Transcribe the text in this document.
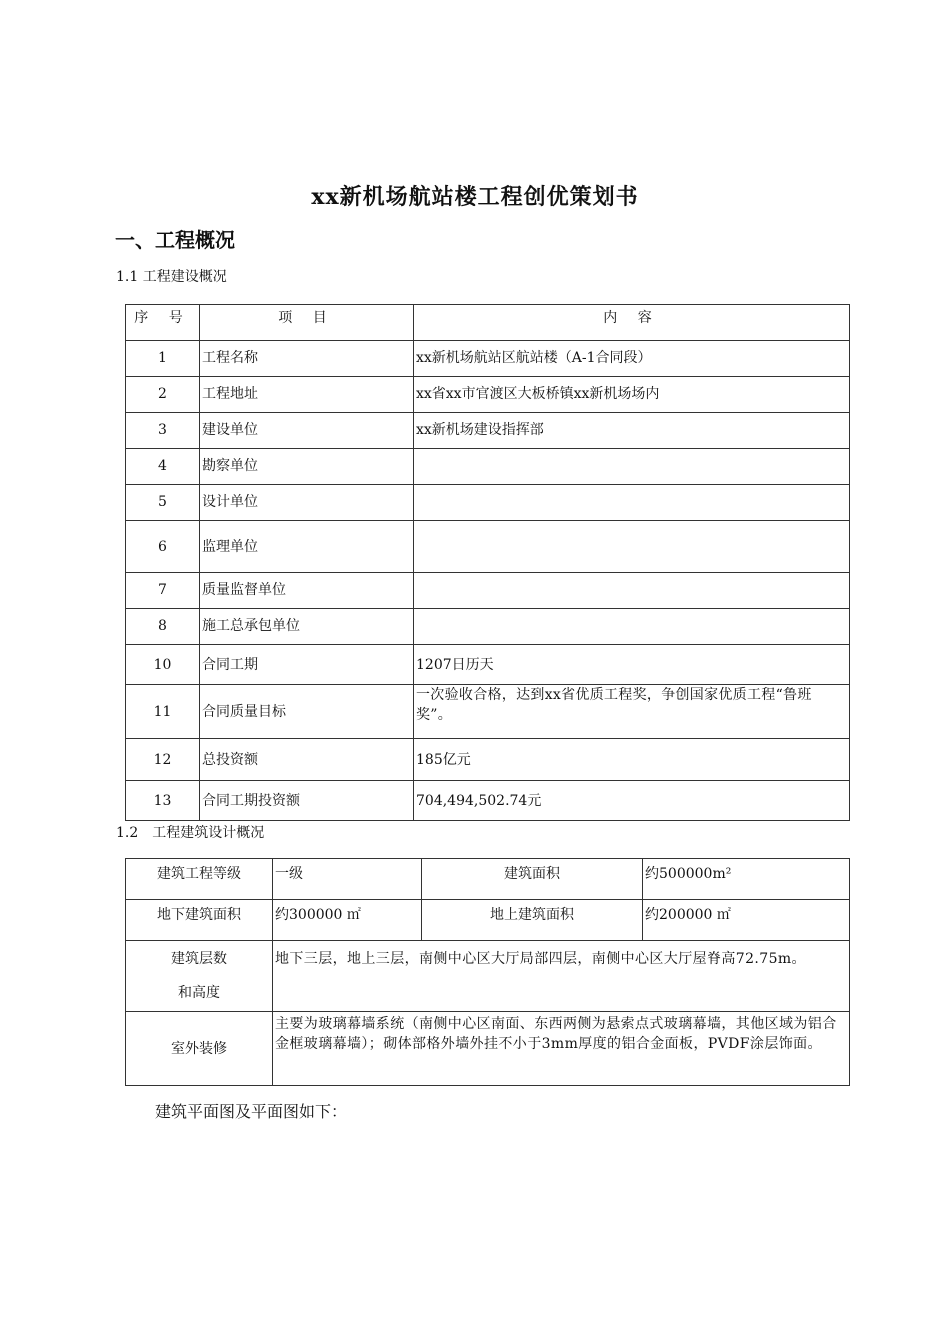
xx新机场航站楼工程创优策划书
一、工程概况
1.1 工程建设概况
序 号	项 目	内 容
1	工程名称	xx新机场航站区航站楼（A-1合同段）
2	工程地址	xx省xx市官渡区大板桥镇xx新机场场内
3	建设单位	xx新机场建设指挥部
4	勘察单位	
5	设计单位	
6	监理单位	
7	质量监督单位	
8	施工总承包单位	
10	合同工期	1207日历天
11	合同质量目标	一次验收合格，达到xx省优质工程奖，争创国家优质工程“鲁班奖”。
12	总投资额	185亿元
13	合同工期投资额	704,494,502.74元
1.2　工程建筑设计概况
建筑工程等级	一级	建筑面积	约500000m²
地下建筑面积	约300000 ㎡	地上建筑面积	约200000 ㎡

建筑层数
和高度	地下三层，地上三层，南侧中心区大厅局部四层，南侧中心区大厅屋脊高72.75m。		
室外装修	主要为玻璃幕墙系统（南侧中心区南面、东西两侧为悬索点式玻璃幕墙，其他区域为铝合金框玻璃幕墙）；砌体部格外墙外挂不小于3mm厚度的铝合金面板，PVDF涂层饰面。		
建筑平面图及平面图如下：
